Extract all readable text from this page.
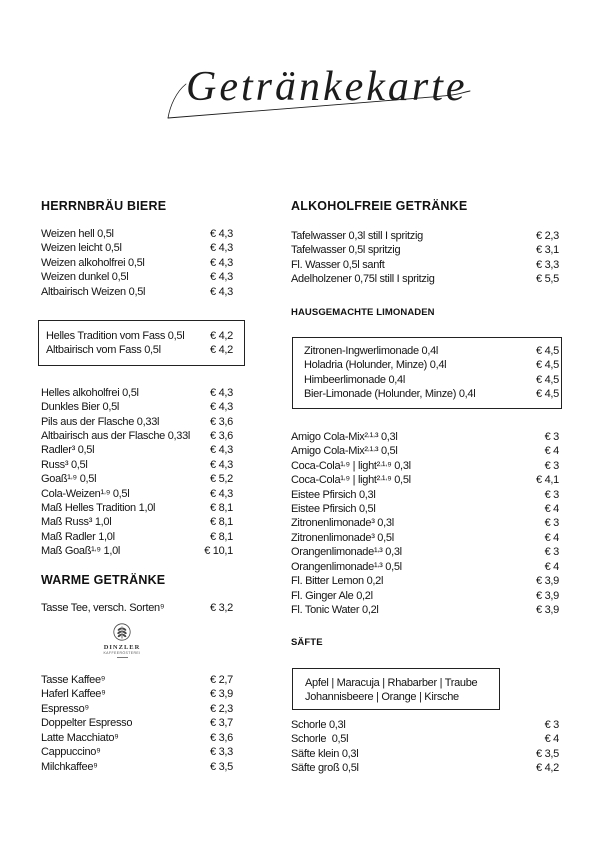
Getränkekarte
HERRNBRÄU BIERE
Weizen hell 0,5l	€ 4,3
Weizen leicht 0,5l	€ 4,3
Weizen alkoholfrei 0,5l	€ 4,3
Weizen dunkel 0,5l	€ 4,3
Altbairisch Weizen 0,5l	€ 4,3
Helles Tradition vom Fass 0,5l € 4,2
Altbairisch vom Fass 0,5l	€ 4,2
Helles alkoholfrei 0,5l	€ 4,3
Dunkles Bier 0,5l	€ 4,3
Pils aus der Flasche 0,33l	€ 3,6
Altbairisch aus der Flasche 0,33l € 3,6
Radler³ 0,5l	€ 4,3
Russ³ 0,5l	€ 4,3
Goaß¹,⁹ 0,5l	€ 5,2
Cola-Weizen¹,⁹ 0,5l	€ 4,3
Maß Helles Tradition 1,0l	€ 8,1
Maß Russ³ 1,0l	€ 8,1
Maß Radler 1,0l	€ 8,1
Maß Goaß¹,⁹ 1,0l	€ 10,1
WARME GETRÄNKE
Tasse Tee, versch. Sorten⁹	€ 3,2
DINZLER
KAFFEERÖSTEREI
Tasse Kaffee⁹	€ 2,7
Haferl Kaffee⁹	€ 3,9
Espresso⁹	€ 2,3
Doppelter Espresso	€ 3,7
Latte Macchiato⁹	€ 3,6
Cappuccino⁹	€ 3,3
Milchkaffee⁹	€ 3,5
ALKOHOLFREIE GETRÄNKE
Tafelwasser 0,3l still I spritzig	€ 2,3
Tafelwasser 0,5l spritzig	€ 3,1
Fl. Wasser 0,5l sanft	€ 3,3
Adelholzener 0,75l still I spritzig	€ 5,5
HAUSGEMACHTE LIMONADEN
Zitronen-Ingwerlimonade 0,4l	€ 4,5
Holadria (Holunder, Minze) 0,4l	€ 4,5
Himbeerlimonade 0,4l	€ 4,5
Bier-Limonade (Holunder, Minze) 0,4l	€ 4,5
Amigo Cola-Mix²,¹,³ 0,3l	€ 3
Amigo Cola-Mix²,¹,³ 0,5l	€ 4
Coca-Cola¹,⁹ | light²,¹,⁹ 0,3l	€ 3
Coca-Cola¹,⁹ | light²,¹,⁹ 0,5l	€ 4,1
Eistee Pfirsich 0,3l	€ 3
Eistee Pfirsich 0,5l	€ 4
Zitronenlimonade³ 0,3l	€ 3
Zitronenlimonade³ 0,5l	€ 4
Orangenlimonade¹,³ 0,3l	€ 3
Orangenlimonade¹,³ 0,5l	€ 4
Fl. Bitter Lemon 0,2l	€ 3,9
Fl. Ginger Ale 0,2l	€ 3,9
Fl. Tonic Water 0,2l	€ 3,9
SÄFTE
Apfel | Maracuja | Rhabarber | Traube
Johannisbeere | Orange | Kirsche
Schorle 0,3l	€ 3
Schorle  0,5l	€ 4
Säfte klein 0,3l	€ 3,5
Säfte groß 0,5l	€ 4,2
